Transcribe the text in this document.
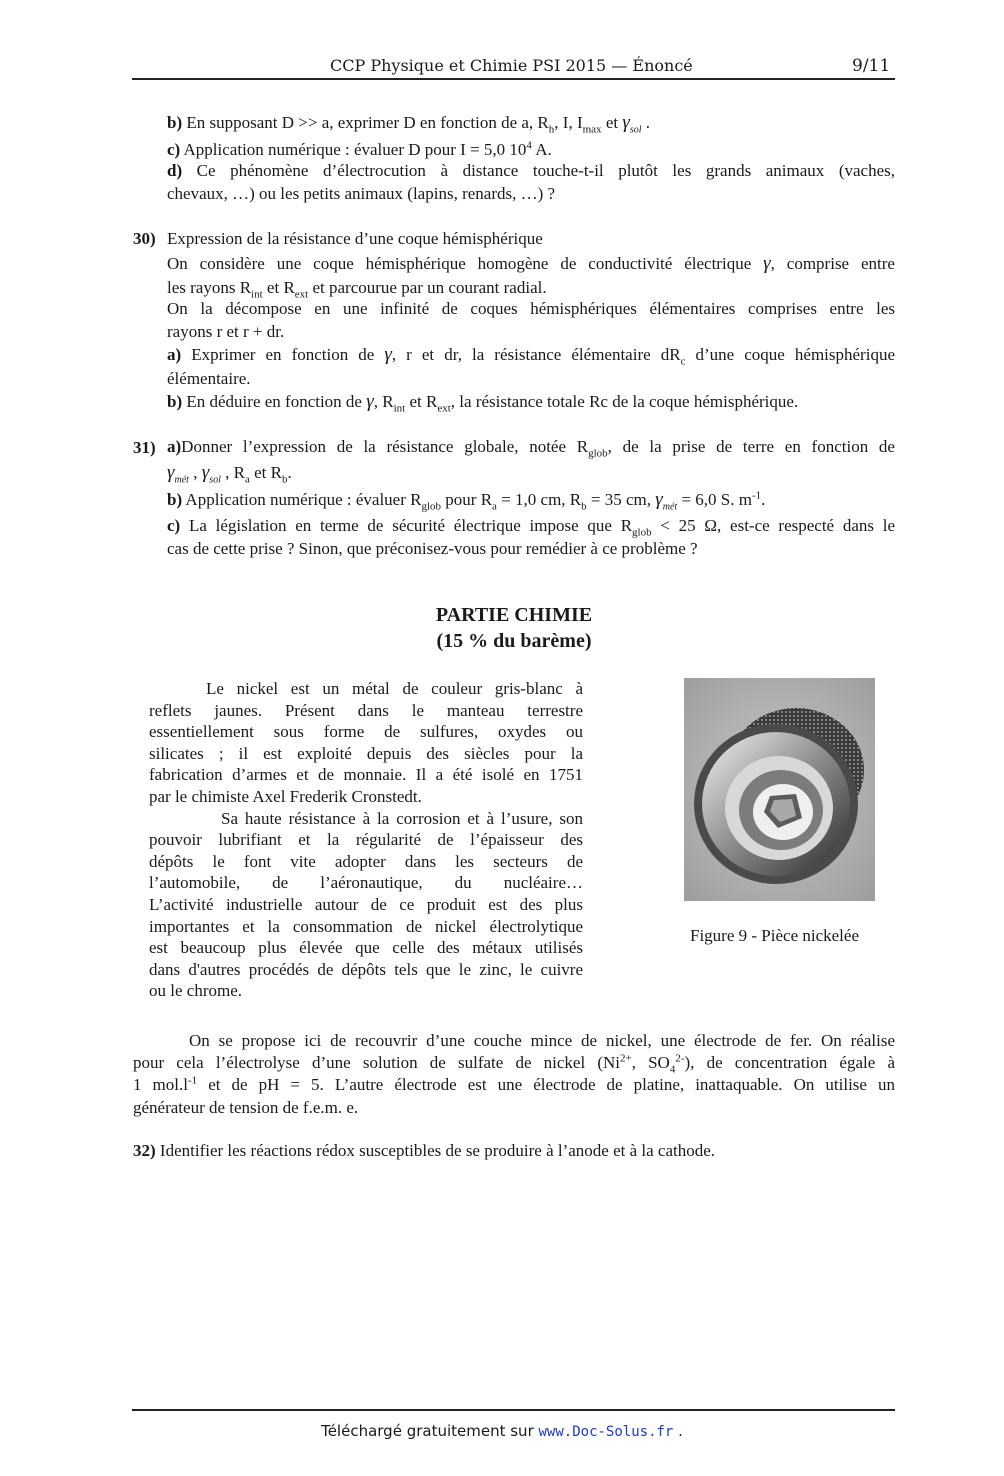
CCP Physique et Chimie PSI 2015 — Énoncé	9/11
b) En supposant D >> a, exprimer D en fonction de a, $R_h$, I, $I_{max}$ et $\gamma_{sol}$ .
c) Application numérique : évaluer D pour I = 5,0 $10^4$ A.
d) Ce phénomène d’électrocution à distance touche-t-il plutôt les grands animaux (vaches,
chevaux, …) ou les petits animaux (lapins, renards, …) ?
30) Expression de la résistance d’une coque hémisphérique
On considère une coque hémisphérique homogène de conductivité électrique γ, comprise entre
les rayons $R_{int}$ et $R_{ext}$ et parcourue par un courant radial.
On la décompose en une infinité de coques hémisphériques élémentaires comprises entre les
rayons r et r + dr.
a) Exprimer en fonction de γ, r et dr, la résistance élémentaire $dR_c$ d’une coque hémisphérique
élémentaire.
b) En déduire en fonction de γ, $R_{int}$ et $R_{ext}$, la résistance totale Rc de la coque hémisphérique.
31) a)Donner l’expression de la résistance globale, notée $R_{glob}$, de la prise de terre en fonction de
$\gamma_{mét}$ , $\gamma_{sol}$ , $R_a$ et $R_b$.
b) Application numérique : évaluer $R_{glob}$ pour $R_a = 1,0$ cm, $R_b = 35$ cm, $\gamma_{mét} = 6,0$ S. $m^{-1}$.
c) La législation en terme de sécurité électrique impose que $R_{glob} < 25$ Ω, est-ce respecté dans le
cas de cette prise ? Sinon, que préconisez-vous pour remédier à ce problème ?
PARTIE CHIMIE
(15 % du barème)
Le nickel est un métal de couleur gris-blanc à
reflets jaunes. Présent dans le manteau terrestre
essentiellement sous forme de sulfures, oxydes ou
silicates ; il est exploité depuis des siècles pour la
fabrication d’armes et de monnaie. Il a été isolé en 1751
par le chimiste Axel Frederik Cronstedt.
Sa haute résistance à la corrosion et à l’usure, son
pouvoir lubrifiant et la régularité de l’épaisseur des
dépôts le font vite adopter dans les secteurs de
l’automobile, de l’aéronautique, du nucléaire…
L’activité industrielle autour de ce produit est des plus
importantes et la consommation de nickel électrolytique
est beaucoup plus élevée que celle des métaux utilisés
dans d'autres procédés de dépôts tels que le zinc, le cuivre
ou le chrome.
Figure 9 - Pièce nickelée
On se propose ici de recouvrir d’une couche mince de nickel, une électrode de fer. On réalise
pour cela l’électrolyse d’une solution de sulfate de nickel ($Ni^{2+}$, $SO_4^{2-}$), de concentration égale à
1 $mol.l^{-1}$ et de pH = 5. L’autre électrode est une électrode de platine, inattaquable. On utilise un
générateur de tension de f.e.m. e.
32) Identifier les réactions rédox susceptibles de se produire à l’anode et à la cathode.
Téléchargé gratuitement sur www.Doc-Solus.fr .
